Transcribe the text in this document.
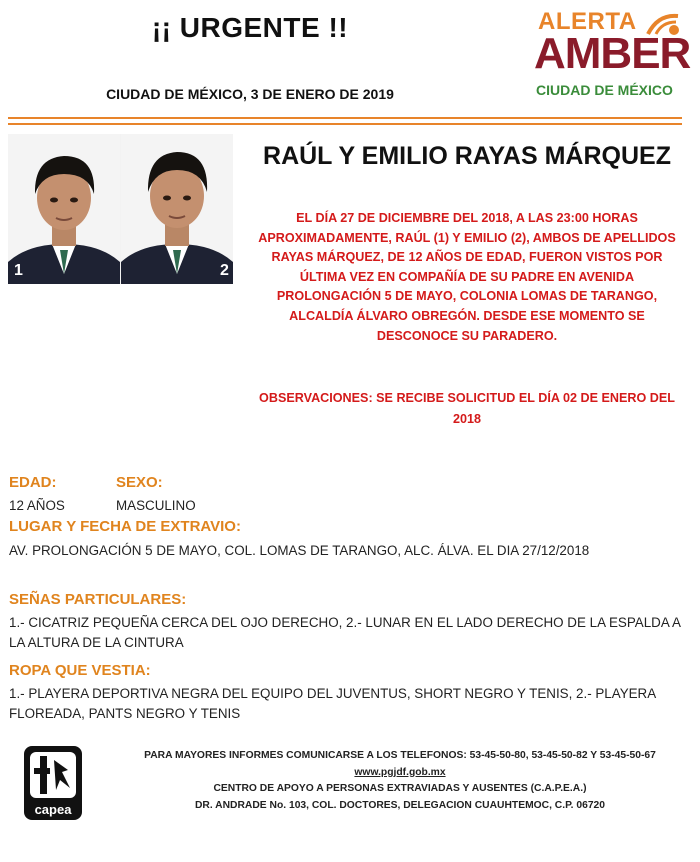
¡¡ URGENTE !!
CIUDAD DE MÉXICO, 3 DE ENERO DE 2019
ALERTA
AMBER
CIUDAD DE MÉXICO
1	2
RAÚL Y EMILIO RAYAS MÁRQUEZ
EL DÍA 27 DE DICIEMBRE DEL 2018, A LAS 23:00 HORAS APROXIMADAMENTE, RAÚL (1) Y EMILIO (2), AMBOS DE APELLIDOS RAYAS MÁRQUEZ, DE 12 AÑOS DE EDAD, FUERON VISTOS POR ÚLTIMA VEZ EN COMPAÑÍA DE SU PADRE EN AVENIDA PROLONGACIÓN 5 DE MAYO, COLONIA LOMAS DE TARANGO, ALCALDÍA ÁLVARO OBREGÓN. DESDE ESE MOMENTO SE DESCONOCE SU PARADERO.
OBSERVACIONES: SE RECIBE SOLICITUD EL DÍA 02 DE ENERO DEL 2018
EDAD:	SEXO:
12 AÑOS	MASCULINO
LUGAR Y FECHA DE EXTRAVIO:
AV. PROLONGACIÓN 5 DE MAYO, COL. LOMAS DE TARANGO, ALC. ÁLVA. EL DIA 27/12/2018
SEÑAS PARTICULARES:
1.- CICATRIZ PEQUEÑA CERCA DEL OJO DERECHO, 2.- LUNAR EN EL LADO DERECHO DE LA ESPALDA A LA ALTURA DE LA CINTURA
ROPA QUE VESTIA:
1.- PLAYERA DEPORTIVA NEGRA DEL EQUIPO DEL JUVENTUS, SHORT NEGRO Y TENIS, 2.- PLAYERA FLOREADA, PANTS NEGRO Y TENIS
capea
PARA MAYORES INFORMES COMUNICARSE A LOS TELEFONOS: 53-45-50-80, 53-45-50-82 Y 53-45-50-67
www.pgjdf.gob.mx
CENTRO DE APOYO A PERSONAS EXTRAVIADAS Y AUSENTES (C.A.P.E.A.)
DR. ANDRADE No. 103, COL. DOCTORES, DELEGACION CUAUHTEMOC, C.P. 06720
